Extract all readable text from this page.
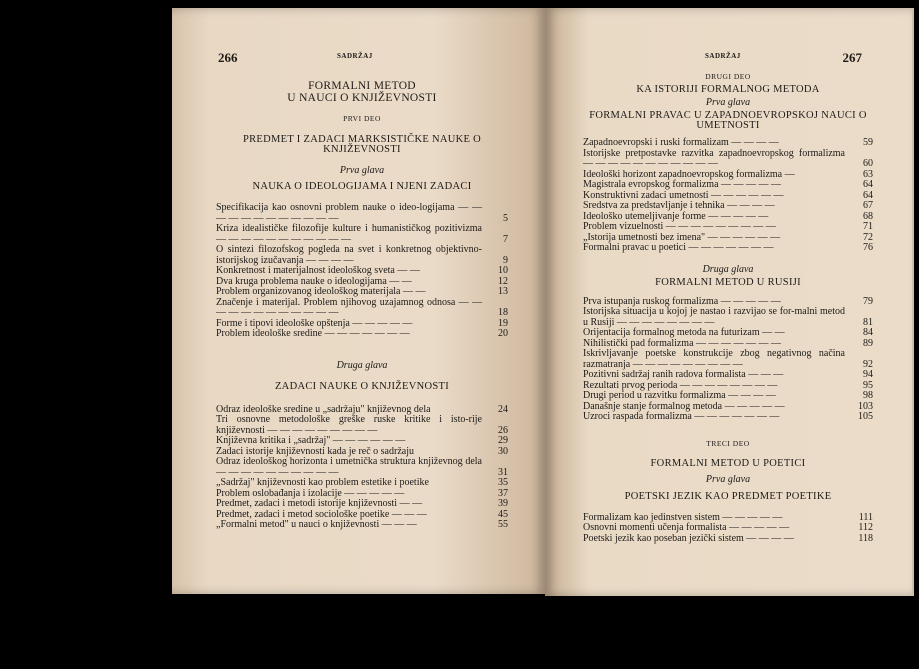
266	SADRŽAJ
FORMALNI METOD
U NAUCI O KNJIŽEVNOSTI
PRVI DEO
PREDMET I ZADACI MARKSISTIČKE NAUKE O
KNJIŽEVNOSTI
Prva glava
NAUKA O IDEOLOGIJAMA I NJENI ZADACI
Specifikacija kao osnovni problem nauke o ideo-logijama — — — — — — — — — — — —	5
Kriza idealističke filozofije kulture i humanističkog pozitivizma — — — — — — — — — — —	7
O sintezi filozofskog pogleda na svet i konkretnog objektivno-istorijskog izučavanja — — — —	9
Konkretnost i materijalnost ideološkog sveta — —	10
Dva kruga problema nauke o ideologijama — —	12
Problem organizovanog ideološkog materijala — —	13
Značenje i materijal. Problem njihovog uzajamnog odnosa — — — — — — — — — — — —	18
Forme i tipovi ideološke opštenja — — — — —	19
Problem ideološke sredine — — — — — — —	20
Druga glava
ZADACI NAUKE O KNJIŽEVNOSTI
Odraz ideološke sredine u „sadržaju" književnog dela	24
Tri osnovne metodološke greške ruske kritike i isto-rije književnosti — — — — — — — — —	26
Književna kritika i „sadržaj" — — — — — —	29
Zadaci istorije književnosti kada je reč o sadržaju	30
Odraz ideološkog horizonta i umetnička struktura književnog dela — — — — — — — — — —	31
„Sadržaj" književnosti kao problem estetike i poetike	35
Problem oslobađanja i izolacije — — — — —	37
Predmet, zadaci i metodi istorije književnosti — —	39
Predmet, zadaci i metod sociološke poetike — — —	45
„Formalni metod" u nauci o književnosti — — —	55
267
SADRŽAJ
DRUGI DEO
KA ISTORIJI FORMALNOG METODA
Prva glava
FORMALNI PRAVAC U ZAPADNOEVROPSKOJ NAUCI O
UMETNOSTI
Zapadnoevropski i ruski formalizam — — — —	59
Istorijske pretpostavke razvitka zapadnoevropskog formalizma — — — — — — — — — — —	60
Ideološki horizont zapadnoevropskog formalizma —	63
Magistrala evropskog formalizma — — — — —	64
Konstruktivni zadaci umetnosti — — — — — —	64
Sredstva za predstavljanje i tehnika — — — —	67
Ideološko utemeljivanje forme — — — — —	68
Problem vizuelnosti — — — — — — — — —	71
„Istorija umetnosti bez imena" — — — — — —	72
Formalni pravac u poetici — — — — — — —	76
Druga glava
FORMALNI METOD U RUSIJI
Prva istupanja ruskog formalizma — — — — —	79
Istorijska situacija u kojoj je nastao i razvijao se for-malni metod u Rusiji — — — — — — — —	81
Orijentacija formalnog metoda na futurizam — —	84
Nihilistički pad formalizma — — — — — — —	89
Iskrivljavanje poetske konstrukcije zbog negativnog načina razmatranja — — — — — — — — —	92
Pozitivni sadržaj ranih radova formalista — — —	94
Rezultati prvog perioda — — — — — — — —	95
Drugi period u razvitku formalizma — — — —	98
Današnje stanje formalnog metoda — — — — —	103
Uzroci raspada formalizma — — — — — — —	105
TRECI DEO
FORMALNI METOD U POETICI
Prva glava
POETSKI JEZIK KAO PREDMET POETIKE
Formalizam kao jedinstven sistem — — — — —	111
Osnovni momenti učenja formalista — — — — —	112
Poetski jezik kao poseban jezički sistem — — — —	118
